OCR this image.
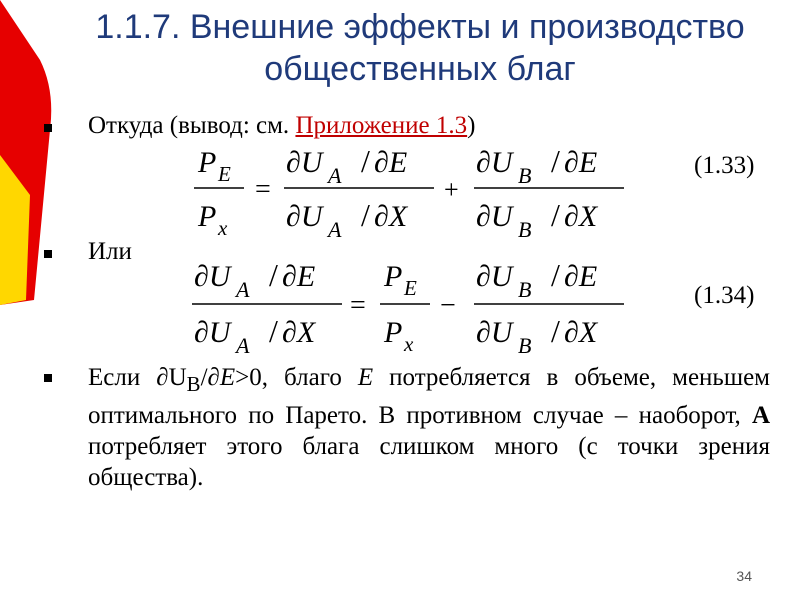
1.1.7. Внешние эффекты и производство
общественных благ
Откуда (вывод: см. Приложение 1.3)
P E
P x
=
∂U A / ∂E
∂U A / ∂X
+
∂U B / ∂E
∂U B / ∂X
(1.33)
Или
∂U A / ∂E
∂U A / ∂X
=
P E
P x
−
∂U B / ∂E
∂U B / ∂X
(1.34)
Если $\partial U_B/\partial E>0$, благо E потребляется в объеме, меньшем оптимального по Парето. В противном случае – наоборот, А потребляет этого блага слишком много (с точки зрения общества).
34
